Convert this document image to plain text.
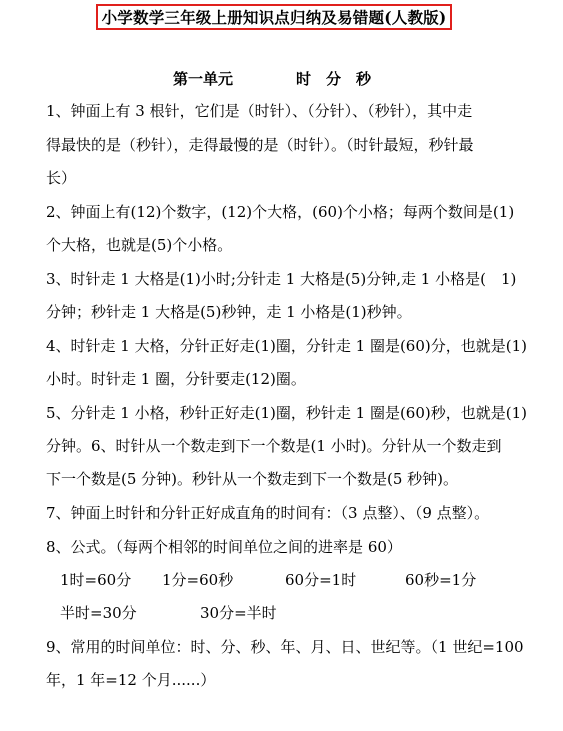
小学数学三年级上册知识点归纳及易错题(人教版)
第一单元	时　分　秒
1、钟面上有 3 根针，它们是（时针）、（分针）、（秒针），其中走
得最快的是（秒针），走得最慢的是（时针）。（时针最短，秒针最
长）
2、钟面上有(12)个数字，(12)个大格，(60)个小格；每两个数间是(1)
个大格，也就是(5)个小格。
3、时针走 1 大格是(1)小时;分针走 1 大格是(5)分钟,走 1 小格是(　1)
分钟；秒针走 1 大格是(5)秒钟，走 1 小格是(1)秒钟。
4、时针走 1 大格，分针正好走(1)圈，分针走 1 圈是(60)分，也就是(1)
小时。时针走 1 圈，分针要走(12)圈。
5、分针走 1 小格，秒针正好走(1)圈，秒针走 1 圈是(60)秒，也就是(1)
分钟。6、时针从一个数走到下一个数是(1 小时)。分针从一个数走到
下一个数是(5 分钟)。秒针从一个数走到下一个数是(5 秒钟)。
7、钟面上时针和分针正好成直角的时间有：（3 点整）、（9 点整）。
8、公式。（每两个相邻的时间单位之间的进率是 60）
1时=60分 1分=60秒	60分=1时	60秒=1分
半时=30分	30分=半时
9、常用的时间单位：时、分、秒、年、月、日、世纪等。（1 世纪=100
年，1 年=12 个月......）
